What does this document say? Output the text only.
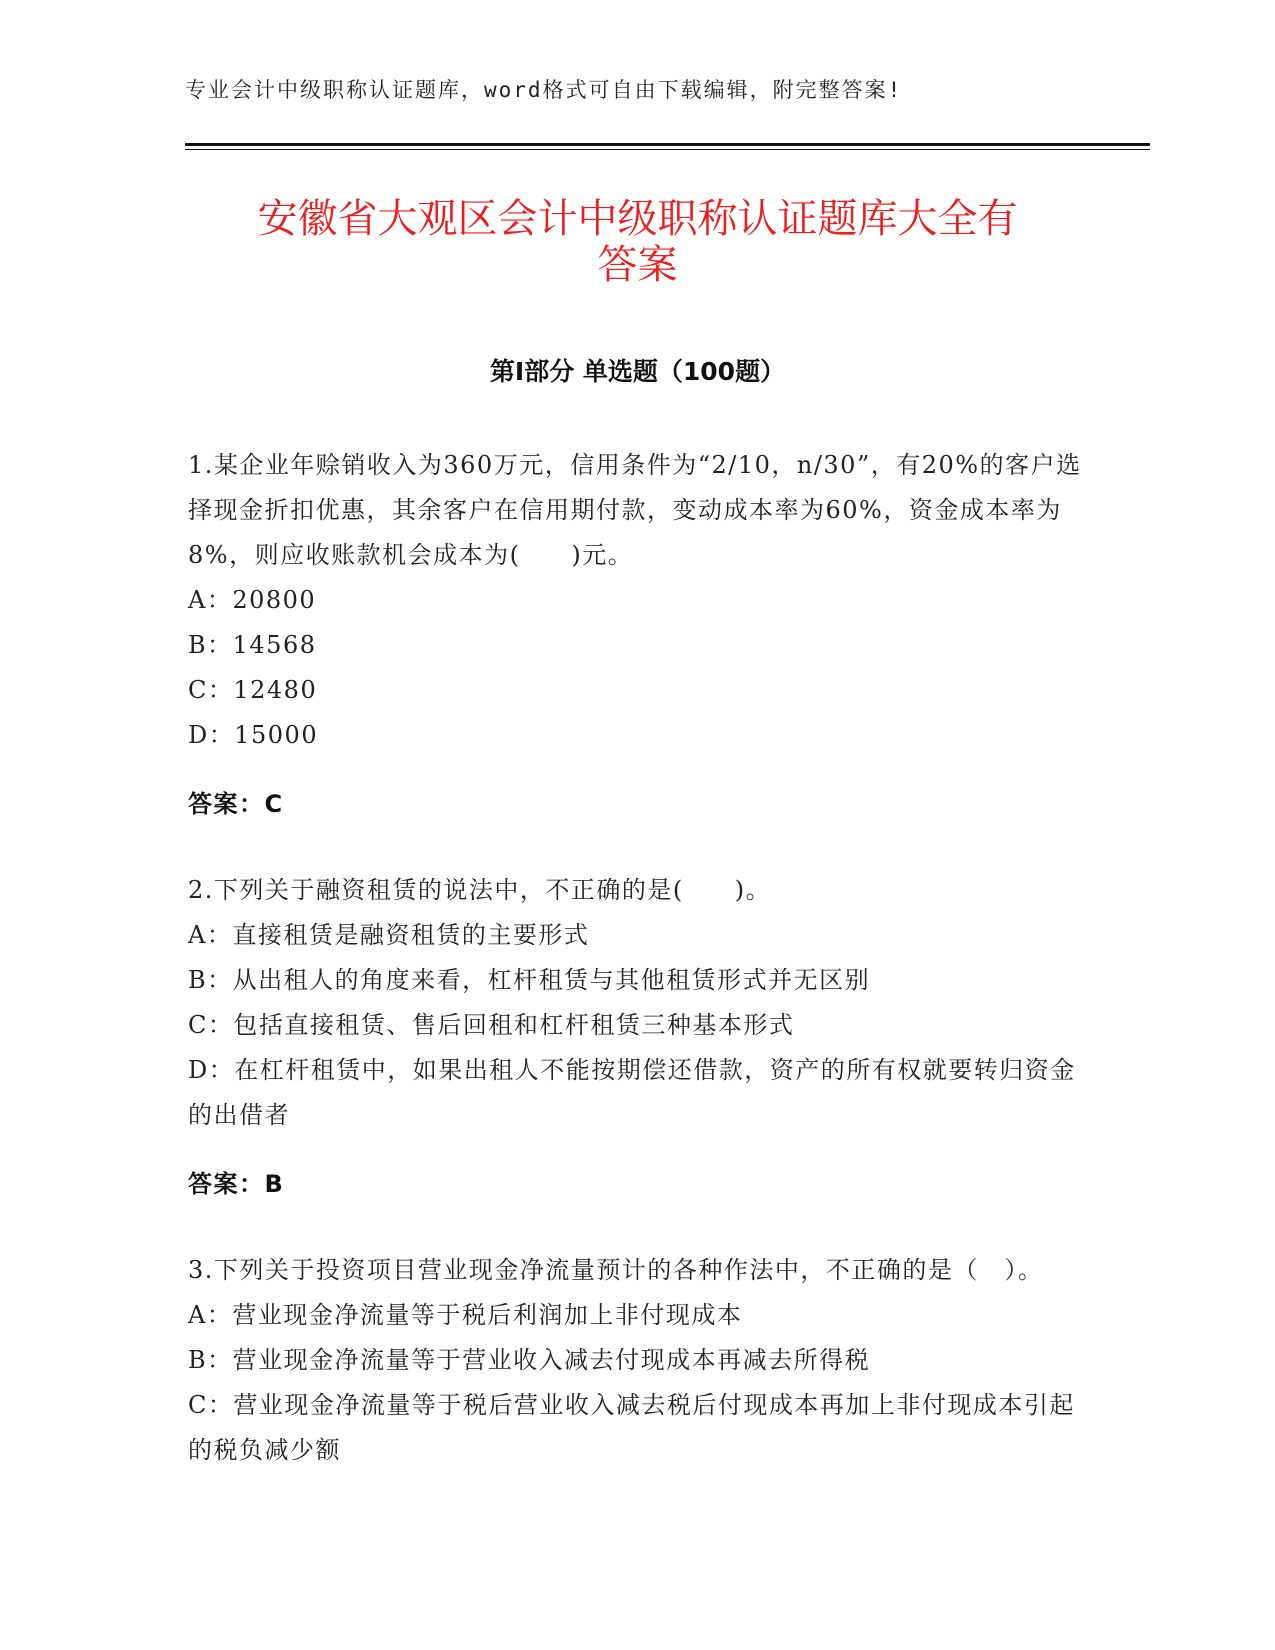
专业会计中级职称认证题库，word格式可自由下载编辑，附完整答案!
安徽省大观区会计中级职称认证题库大全有
答案
第Ⅰ部分 单选题（100题）

1.某企业年赊销收入为360万元，信用条件为“2/10，n/30”，有20%的客户选择现金折扣优惠，其余客户在信用期付款，变动成本率为60%，资金成本率为8%，则应收账款机会成本为(　　)元。

A：20800

B：14568

C：12480

D：15000

答案：C

2.下列关于融资租赁的说法中，不正确的是(　　)。

A：直接租赁是融资租赁的主要形式

B：从出租人的角度来看，杠杆租赁与其他租赁形式并无区别

C：包括直接租赁、售后回租和杠杆租赁三种基本形式

D：在杠杆租赁中，如果出租人不能按期偿还借款，资产的所有权就要转归资金的出借者

答案：B

3.下列关于投资项目营业现金净流量预计的各种作法中，不正确的是（　）。

A：营业现金净流量等于税后利润加上非付现成本

B：营业现金净流量等于营业收入减去付现成本再减去所得税

C：营业现金净流量等于税后营业收入减去税后付现成本再加上非付现成本引起的税负减少额
